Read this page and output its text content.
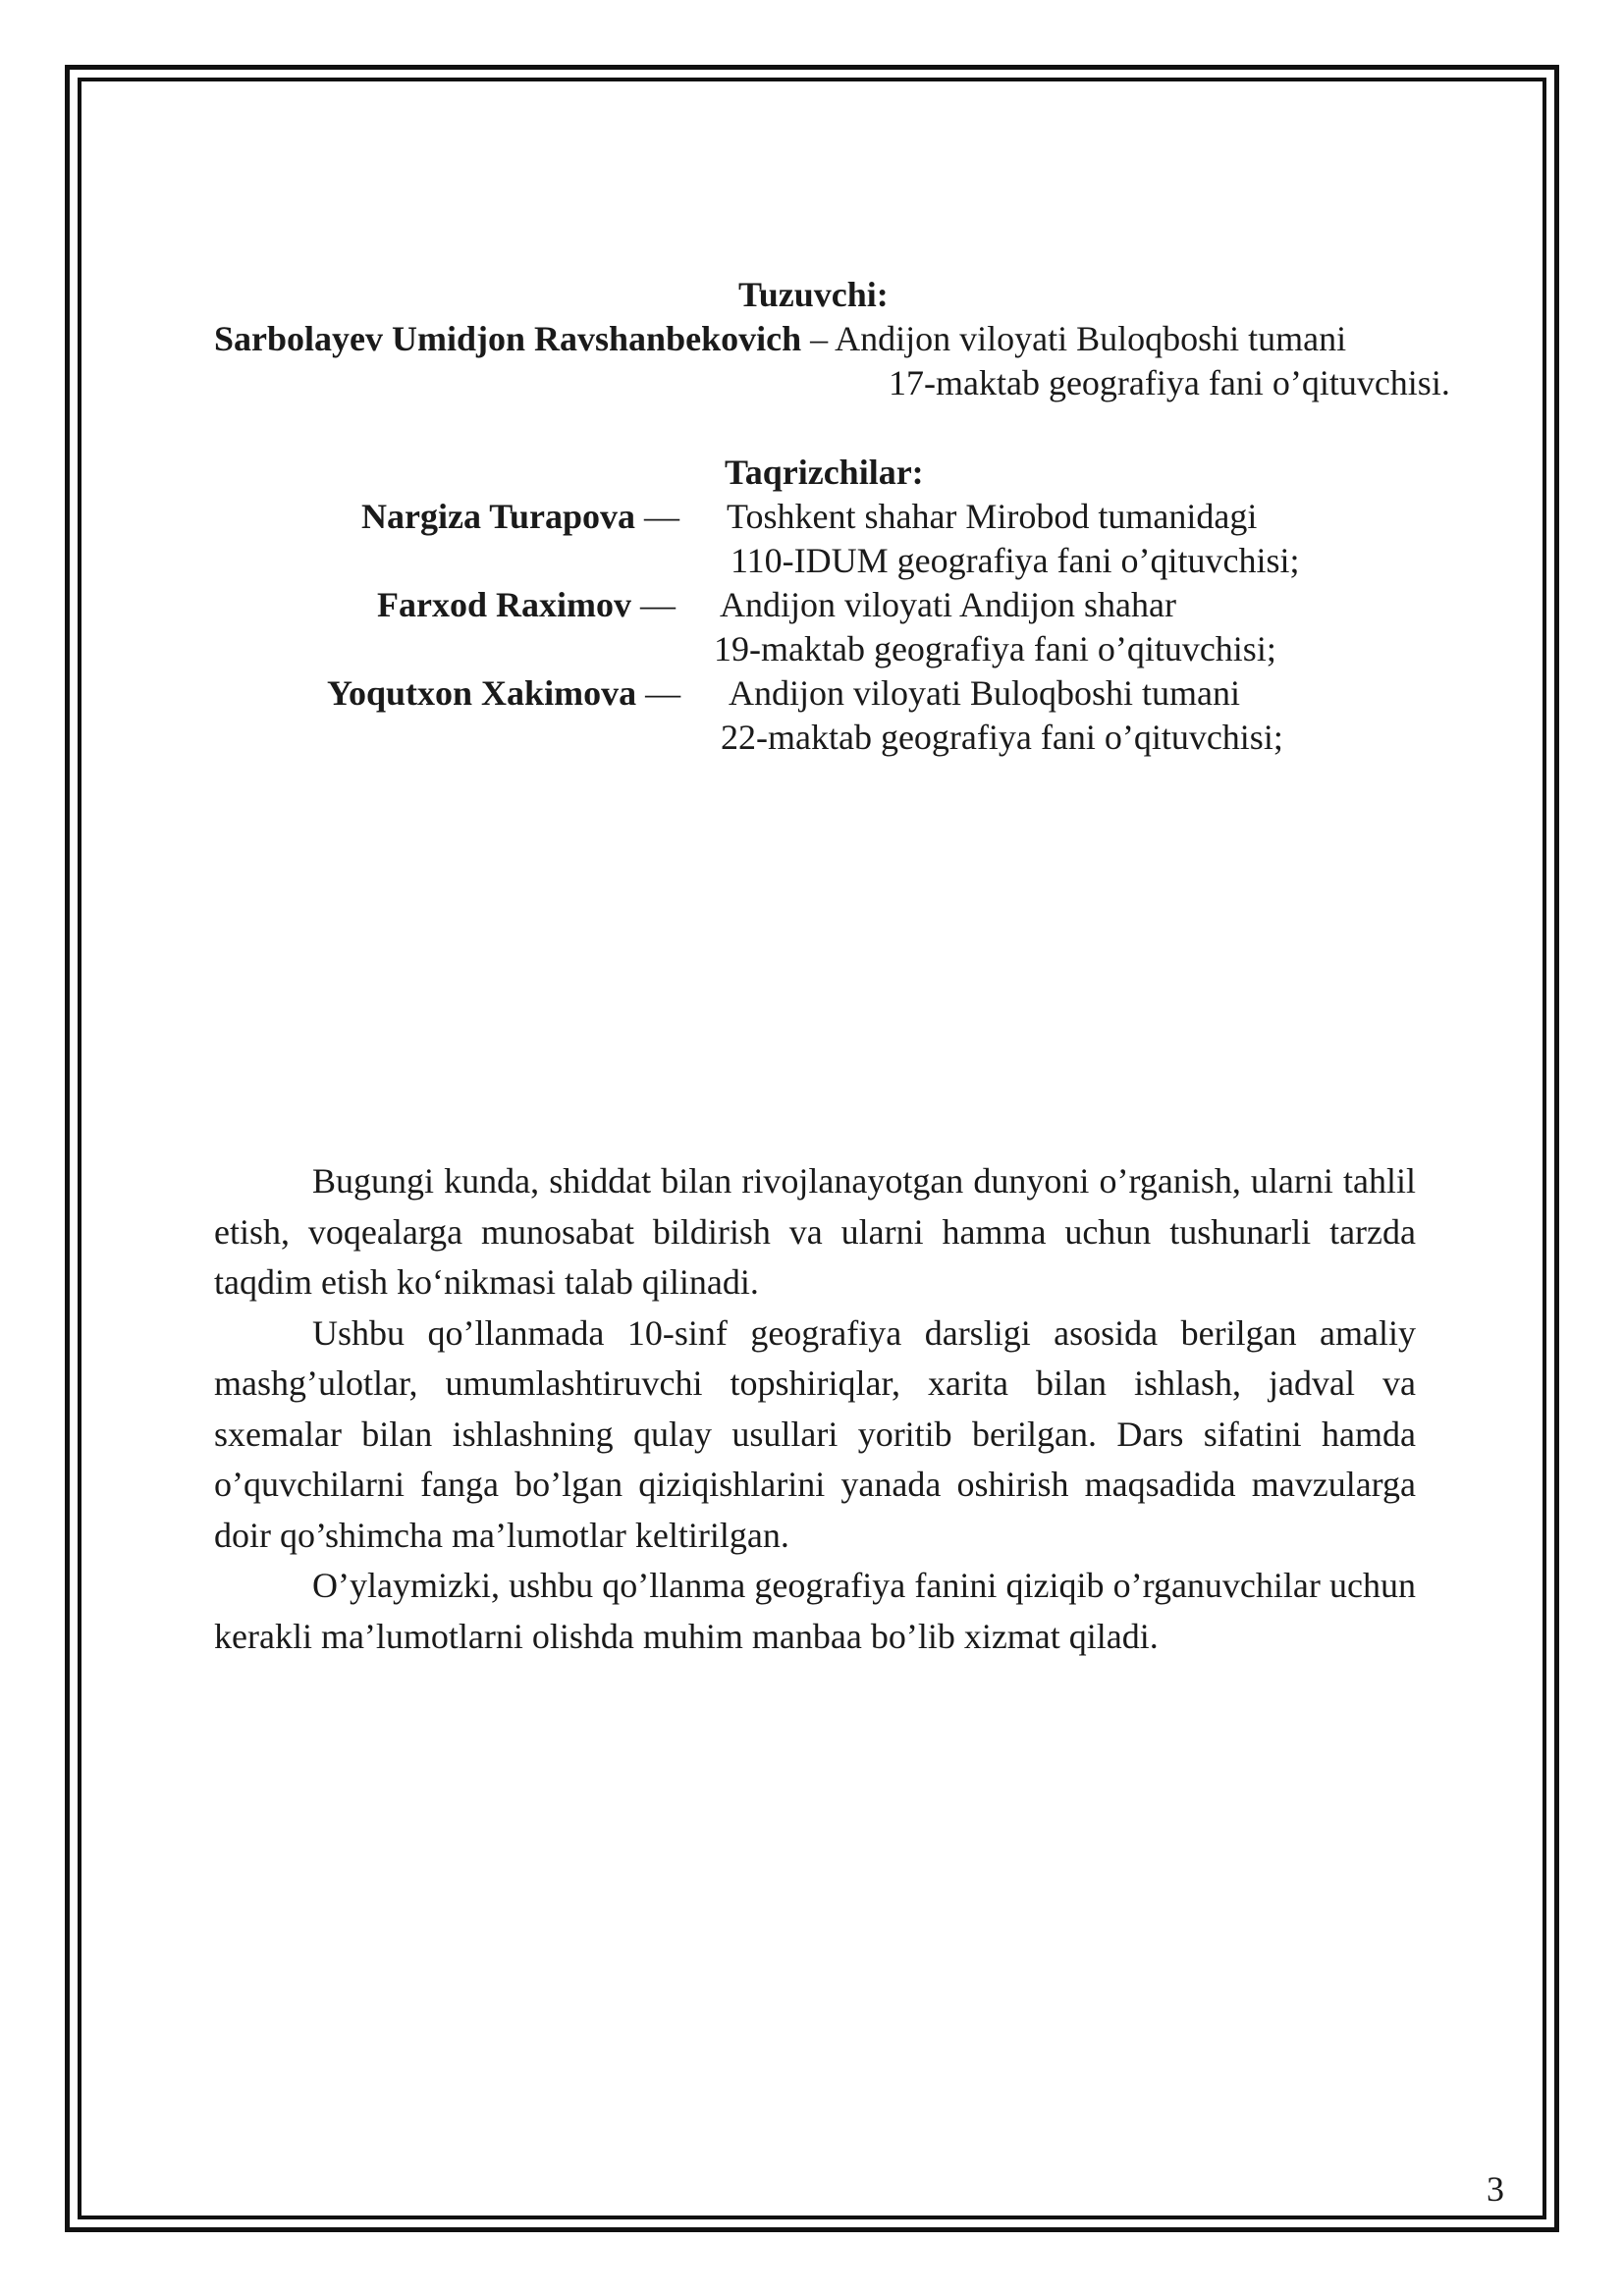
Tuzuvchi:
Sarbolayev Umidjon Ravshanbekovich – Andijon viloyati Buloqboshi tumani
17-maktab geografiya fani o’qituvchisi.
Taqrizchilar:
Nargiza Turapova — Toshkent shahar Mirobod tumanidagi
110-IDUM geografiya fani o’qituvchisi;
Farxod Raximov — Andijon viloyati Andijon shahar
19-maktab geografiya fani o’qituvchisi;
Yoqutxon Xakimova — Andijon viloyati Buloqboshi tumani
22-maktab geografiya fani o’qituvchisi;

Bugungi kunda, shiddat bilan rivojlanayotgan dunyoni o’rganish, ularni tahlil etish, voqealarga munosabat bildirish va ularni hamma uchun tushunarli tarzda taqdim etish ko‘nikmasi talab qilinadi.

Ushbu qo’llanmada 10-sinf geografiya darsligi asosida berilgan amaliy mashg’ulotlar, umumlashtiruvchi topshiriqlar, xarita bilan ishlash, jadval va sxemalar bilan ishlashning qulay usullari yoritib berilgan. Dars sifatini hamda o’quvchilarni fanga bo’lgan qiziqishlarini yanada oshirish maqsadida mavzularga doir qo’shimcha ma’lumotlar keltirilgan.

O’ylaymizki, ushbu qo’llanma geografiya fanini qiziqib o’rganuvchilar uchun kerakli ma’lumotlarni olishda muhim manbaa bo’lib xizmat qiladi.

3
